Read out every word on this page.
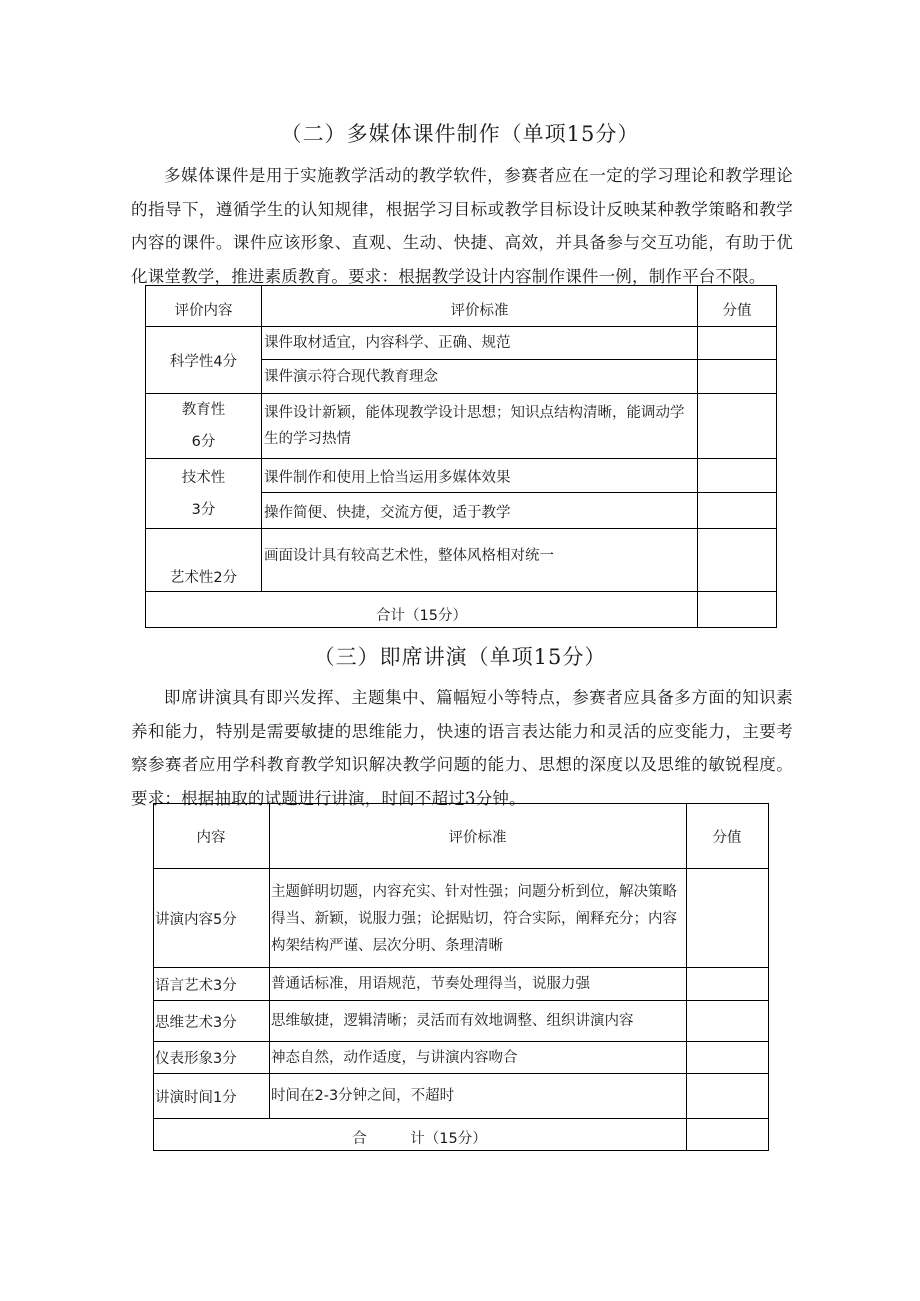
（二）多媒体课件制作（单项15分）

多媒体课件是用于实施教学活动的教学软件，参赛者应在一定的学习理论和教学理论的指导下，遵循学生的认知规律，根据学习目标或教学目标设计反映某种教学策略和教学内容的课件。课件应该形象、直观、生动、快捷、高效，并具备参与交互功能，有助于优化课堂教学，推进素质教育。要求：根据教学设计内容制作课件一例，制作平台不限。

评价内容	评价标准	分值
科学性4分	课件取材适宜，内容科学、正确、规范	
	课件演示符合现代教育理念	

教育性
6分	课件设计新颖，能体现教学设计思想；知识点结构清晰，能调动学生的学习热情	

技术性
3分	课件制作和使用上恰当运用多媒体效果	
	操作简便、快捷，交流方便，适于教学	
艺术性2分	画面设计具有较高艺术性，整体风格相对统一	
合计（15分）		
（三）即席讲演（单项15分）

即席讲演具有即兴发挥、主题集中、篇幅短小等特点，参赛者应具备多方面的知识素养和能力，特别是需要敏捷的思维能力，快速的语言表达能力和灵活的应变能力，主要考察参赛者应用学科教育教学知识解决教学问题的能力、思想的深度以及思维的敏锐程度。要求：根据抽取的试题进行讲演，时间不超过3分钟。

内容	评价标准	分值
讲演内容5分	主题鲜明切题，内容充实、针对性强；问题分析到位，解决策略得当、新颖，说服力强；论据贴切，符合实际，阐释充分；内容构架结构严谨、层次分明、条理清晰	
语言艺术3分	普通话标准，用语规范，节奏处理得当，说服力强	
思维艺术3分	思维敏捷，逻辑清晰；灵活而有效地调整、组织讲演内容	
仪表形象3分	神态自然，动作适度，与讲演内容吻合	
讲演时间1分	时间在2-3分钟之间，不超时	
合　　　计（15分）		
